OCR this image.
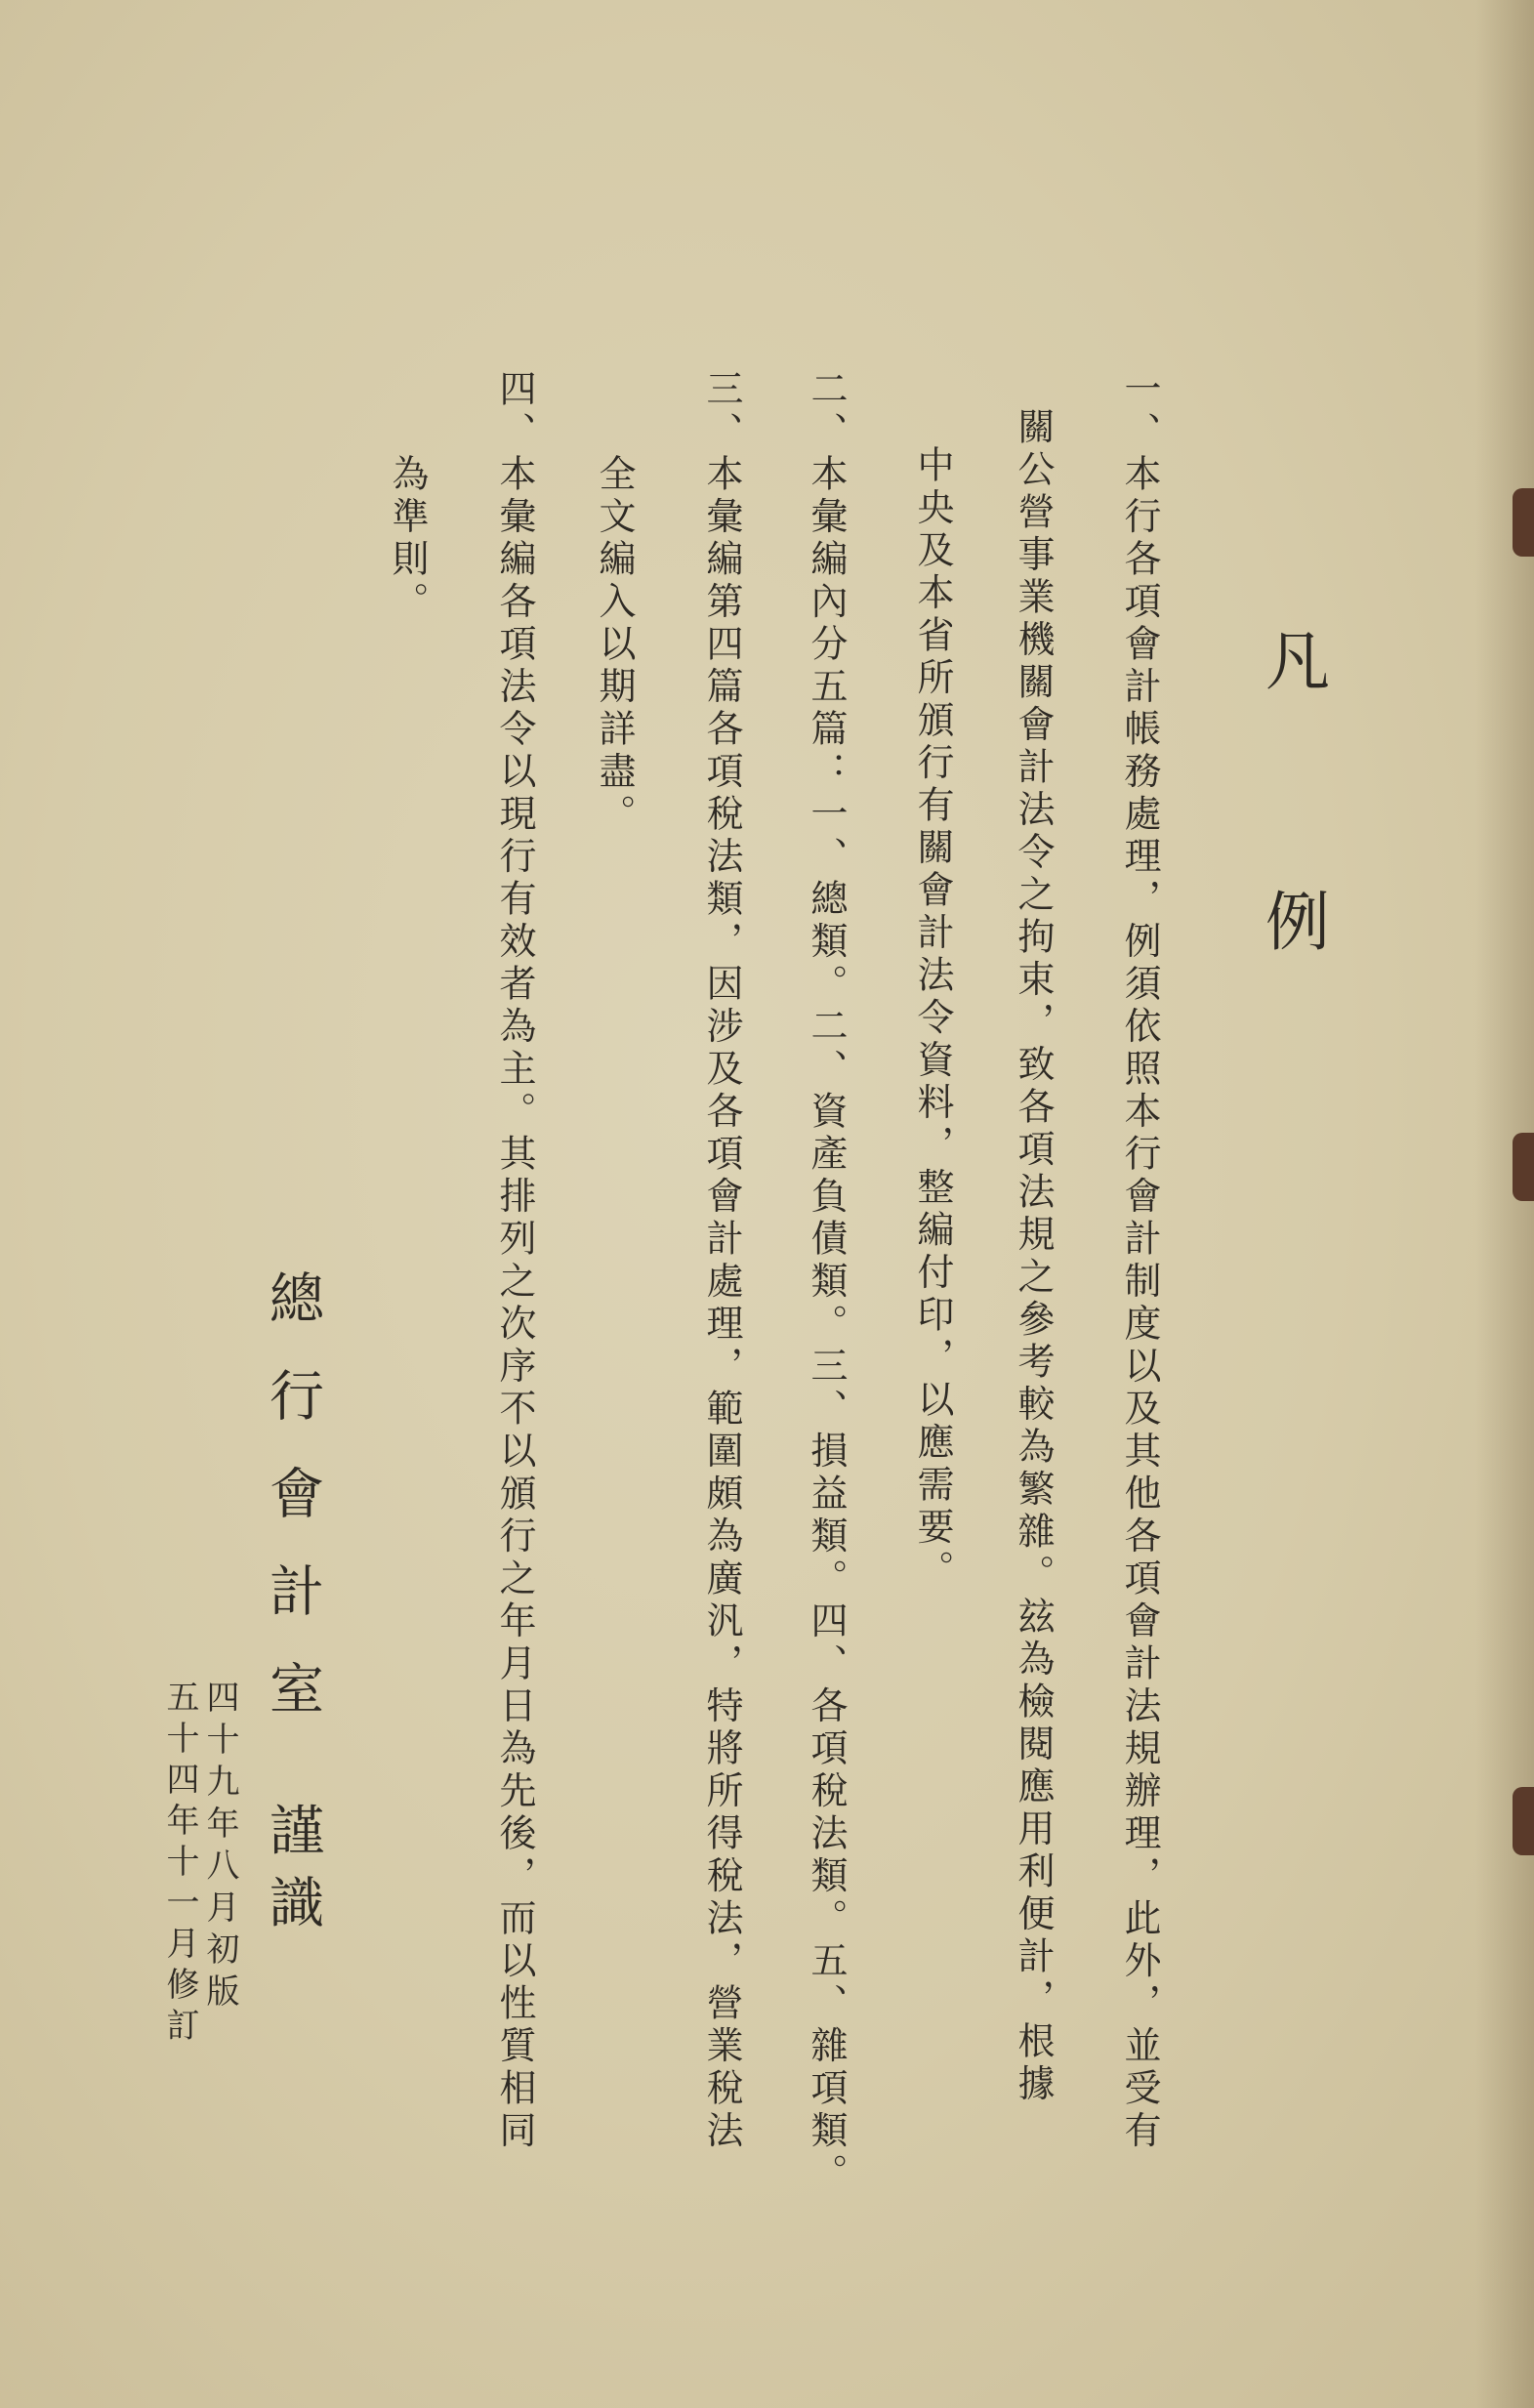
凡
例
一、本行各項會計帳務處理，例須依照本行會計制度以及其他各項會計法規辦理，此外，並受有
關公營事業機關會計法令之拘束，致各項法規之參考較為繁雜。玆為檢閱應用利便計，根據
中央及本省所頒行有關會計法令資料，整編付印，以應需要。
二、本彙編內分五篇：一、總類。二、資產負債類。三、損益類。四、各項稅法類。五、雜項類。
三、本彙編第四篇各項稅法類，因涉及各項會計處理，範圍頗為廣汎，特將所得稅法，營業稅法
全文編入以期詳盡。
四、本彙編各項法令以現行有效者為主。其排列之次序不以頒行之年月日為先後，而以性質相同
為準則。
總行會計室
謹識
四十九年八月初版
五十四年十一月修訂
